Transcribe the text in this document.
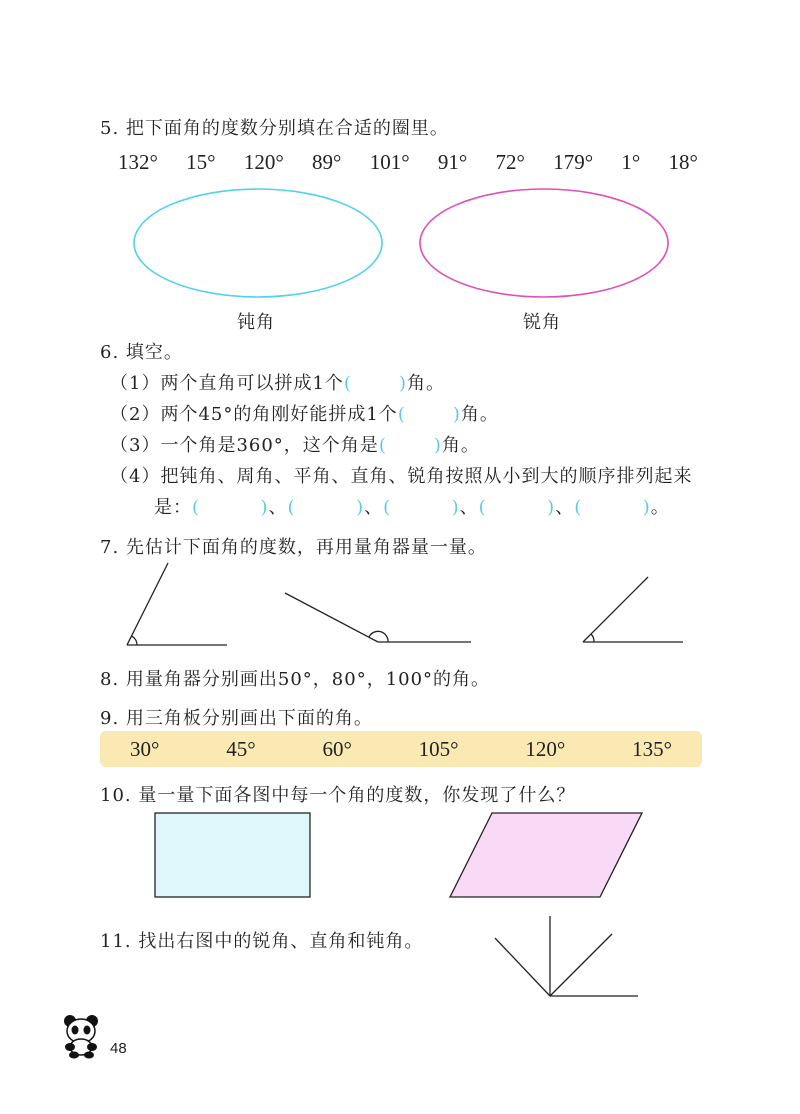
5. 把下面角的度数分别填在合适的圈里。
132° 15° 120° 89° 101° 91° 72° 179° 1° 18°
钝角	锐角
6. 填空。
（1）两个直角可以拼成1个(       )角。
（2）两个45°的角刚好能拼成1个(       )角。
（3）一个角是360°，这个角是(       )角。
（4）把钝角、周角、平角、直角、锐角按照从小到大的顺序排列起来
是：(         )、(         )、(         )、(         )、(         )。
7. 先估计下面角的度数，再用量角器量一量。
8. 用量角器分别画出50°，80°，100°的角。
9. 用三角板分别画出下面的角。
30°	45°	60°	105°	120°	135°
10. 量一量下面各图中每一个角的度数，你发现了什么？
11. 找出右图中的锐角、直角和钝角。
48
